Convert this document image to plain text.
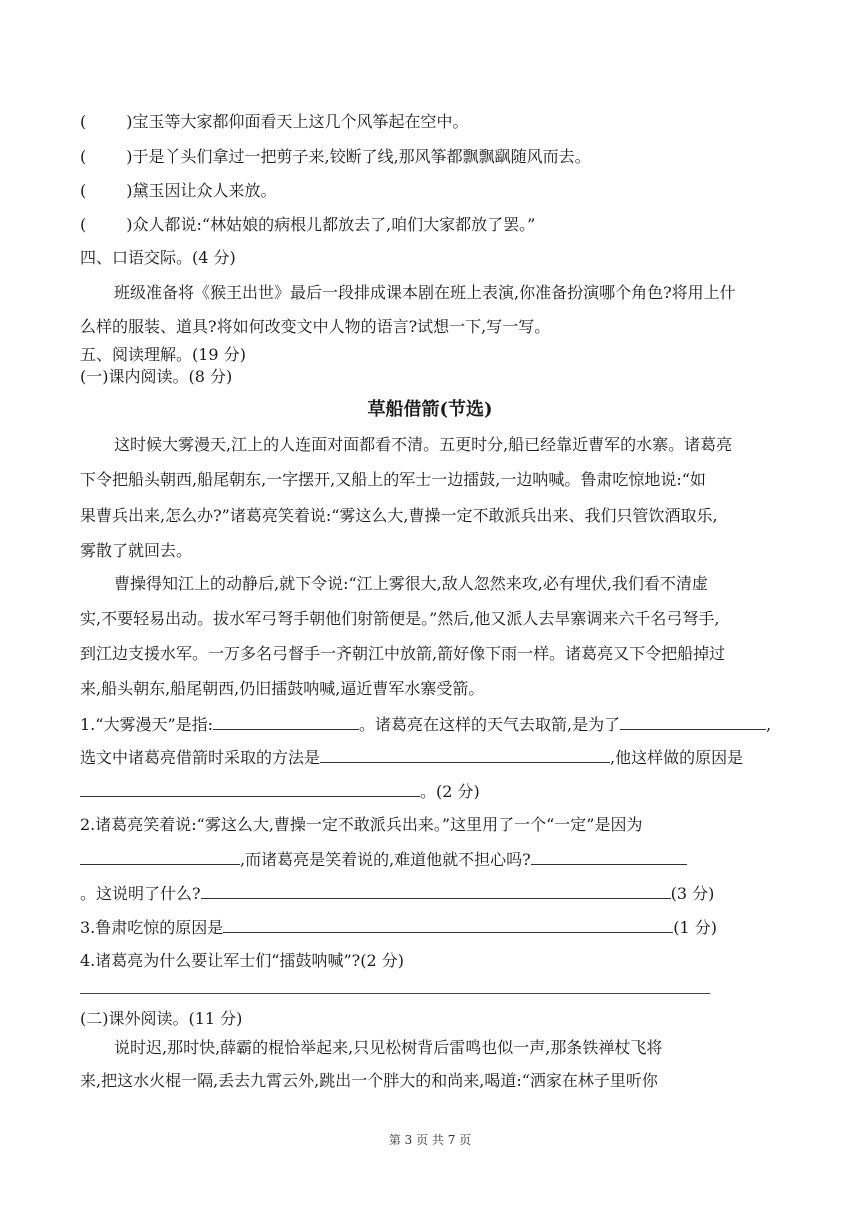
(	)宝玉等大家都仰面看天上这几个风筝起在空中。
(	)于是丫头们拿过一把剪子来,铰断了线,那风筝都飘飘飖随风而去。
(	)黛玉因让众人来放。
(	)众人都说:“林姑娘的病根儿都放去了,咱们大家都放了罢。”
四、口语交际。(4 分)
班级准备将《猴王出世》最后一段排成课本剧在班上表演,你准备扮演哪个角色?将用上什
么样的服装、道具?将如何改变文中人物的语言?试想一下,写一写。
五、阅读理解。(19 分)
(一)课内阅读。(8 分)
草船借箭(节选)
这时候大雾漫天,江上的人连面对面都看不清。五更时分,船已经靠近曹军的水寨。诸葛亮
下令把船头朝西,船尾朝东,一字摆开,又船上的军士一边擂鼓,一边呐喊。鲁肃吃惊地说:“如
果曹兵出来,怎么办?”诸葛亮笑着说:“雾这么大,曹操一定不敢派兵出来、我们只管饮酒取乐,
雾散了就回去。
曹操得知江上的动静后,就下令说:“江上雾很大,敌人忽然来攻,必有埋伏,我们看不清虚
实,不要轻易出动。拔水军弓弩手朝他们射箭便是。”然后,他又派人去旱寨调来六千名弓弩手,
到江边支援水军。一万多名弓督手一齐朝江中放箭,箭好像下雨一样。诸葛亮又下令把船掉过
来,船头朝东,船尾朝西,仍旧擂鼓呐喊,逼近曹军水寨受箭。
1.“大雾漫天”是指:	。诸葛亮在这样的天气去取箭,是为了	,
选文中诸葛亮借箭时采取的方法是	,他这样做的原因是
。(2 分)
2.诸葛亮笑着说:“雾这么大,曹操一定不敢派兵出来。”这里用了一个“一定”是因为
,而诸葛亮是笑着说的,难道他就不担心吗?
。这说明了什么?	(3 分)
3.鲁肃吃惊的原因是	(1 分)
4.诸葛亮为什么要让军士们“擂鼓呐喊”?(2 分)
(二)课外阅读。(11 分)
说时迟,那时快,薛霸的棍恰举起来,只见松树背后雷鸣也似一声,那条铁禅杖飞将
来,把这水火棍一隔,丢去九霄云外,跳出一个胖大的和尚来,喝道:“洒家在林子里听你
第 3 页 共 7 页
